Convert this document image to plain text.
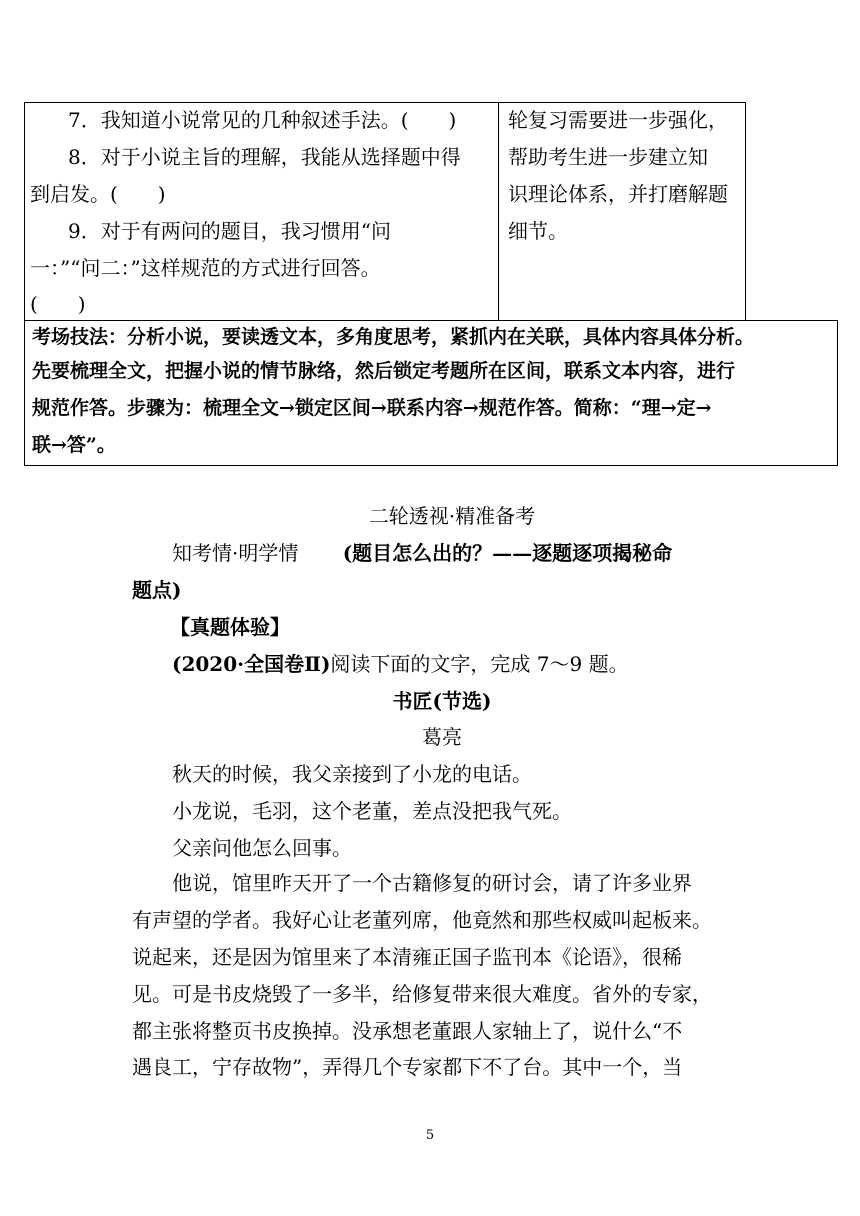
7．我知道小说常见的几种叙述手法。(　　)
8．对于小说主旨的理解，我能从选择题中得
到启发。(　　)
9．对于有两问的题目，我习惯用“问
一：”“问二：”这样规范的方式进行回答。
(　　)
轮复习需要进一步强化，
帮助考生进一步建立知
识理论体系，并打磨解题
细节。
考场技法：分析小说，要读透文本，多角度思考，紧抓内在关联，具体内容具体分析。
先要梳理全文，把握小说的情节脉络，然后锁定考题所在区间，联系文本内容，进行
规范作答。步骤为：梳理全文→锁定区间→联系内容→规范作答。简称：“理→定→
联→答”。
二轮透视·精准备考
知考情·明学情 (题目怎么出的？——逐题逐项揭秘命
题点)
【真题体验】
(2020·全国卷Ⅱ)阅读下面的文字，完成 7～9 题。
书匠(节选)
葛亮
秋天的时候，我父亲接到了小龙的电话。
小龙说，毛羽，这个老董，差点没把我气死。
父亲问他怎么回事。
他说，馆里昨天开了一个古籍修复的研讨会，请了许多业界
有声望的学者。我好心让老董列席，他竟然和那些权威叫起板来。
说起来，还是因为馆里来了本清雍正国子监刊本《论语》，很稀
见。可是书皮烧毁了一多半，给修复带来很大难度。省外的专家，
都主张将整页书皮换掉。没承想老董跟人家轴上了，说什么“不
遇良工，宁存故物”，弄得几个专家都下不了台。其中一个，当
5
